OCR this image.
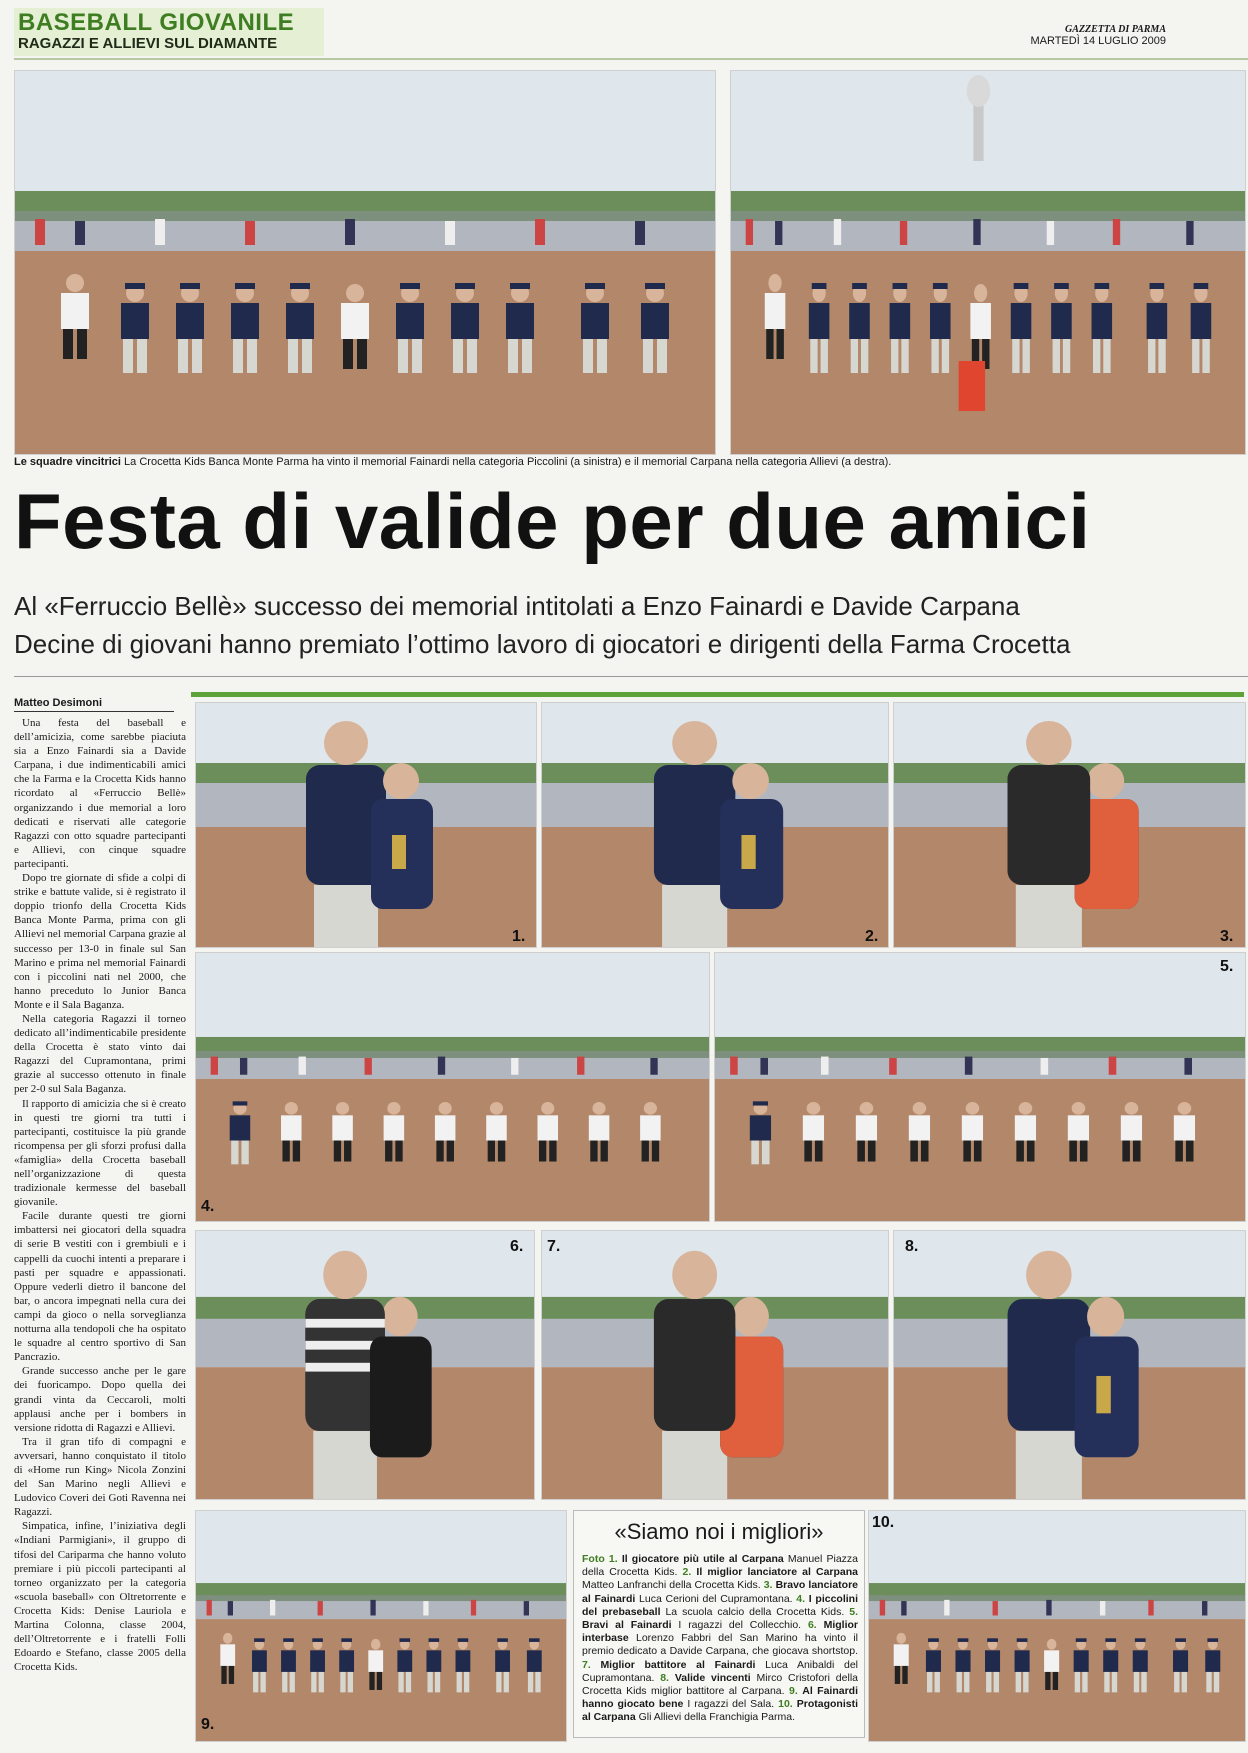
BASEBALL GIOVANILE
RAGAZZI E ALLIEVI SUL DIAMANTE
GAZZETTA DI PARMA
MARTEDÌ 14 LUGLIO 2009
Le squadre vincitrici La Crocetta Kids Banca Monte Parma ha vinto il memorial Fainardi nella categoria Piccolini (a sinistra) e il memorial Carpana nella categoria Allievi (a destra).
Festa di valide per due amici
Al «Ferruccio Bellè» successo dei memorial intitolati a Enzo Fainardi e Davide Carpana
Decine di giovani hanno premiato l’ottimo lavoro di giocatori e dirigenti della Farma Crocetta
Matteo Desimoni

Una festa del baseball e dell’amicizia, come sarebbe piaciuta sia a Enzo Fainardi sia a Davide Carpana, i due indimenticabili amici che la Farma e la Crocetta Kids hanno ricordato al «Ferruccio Bellè» organizzando i due memorial a loro dedicati e riservati alle categorie Ragazzi con otto squadre partecipanti e Allievi, con cinque squadre partecipanti.

Dopo tre giornate di sfide a colpi di strike e battute valide, si è registrato il doppio trionfo della Crocetta Kids Banca Monte Parma, prima con gli Allievi nel memorial Carpana grazie al successo per 13-0 in finale sul San Marino e prima nel memorial Fainardi con i piccolini nati nel 2000, che hanno preceduto lo Junior Banca Monte e il Sala Baganza.

Nella categoria Ragazzi il torneo dedicato all’indimenticabile presidente della Crocetta è stato vinto dai Ragazzi del Cupramontana, primi grazie al successo ottenuto in finale per 2-0 sul Sala Baganza.

Il rapporto di amicizia che si è creato in questi tre giorni tra tutti i partecipanti, costituisce la più grande ricompensa per gli sforzi profusi dalla «famiglia» della Crocetta baseball nell’organizzazione di questa tradizionale kermesse del baseball giovanile.

Facile durante questi tre giorni imbattersi nei giocatori della squadra di serie B vestiti con i grembiuli e i cappelli da cuochi intenti a preparare i pasti per squadre e appassionati. Oppure vederli dietro il bancone del bar, o ancora impegnati nella cura dei campi da gioco o nella sorveglianza notturna alla tendopoli che ha ospitato le squadre al centro sportivo di San Pancrazio.

Grande successo anche per le gare dei fuoricampo. Dopo quella dei grandi vinta da Ceccaroli, molti applausi anche per i bombers in versione ridotta di Ragazzi e Allievi.

Tra il gran tifo di compagni e avversari, hanno conquistato il titolo di «Home run King» Nicola Zonzini del San Marino negli Allievi e Ludovico Coveri dei Goti Ravenna nei Ragazzi.

Simpatica, infine, l’iniziativa degli «Indiani Parmigiani», il gruppo di tifosi del Cariparma che hanno voluto premiare i più piccoli partecipanti al torneo organizzato per la categoria «scuola baseball» con Oltretorrente e Crocetta Kids: Denise Lauriola e Martina Colonna, classe 2004, dell’Oltretorrente e i fratelli Folli Edoardo e Stefano, classe 2005 della Crocetta Kids.

1.	2.	3.
4.
5.
6. 7.	8.
9.
10.
«Siamo noi i migliori»
Foto 1. Il giocatore più utile al Carpana Manuel Piazza della Crocetta Kids. 2. Il miglior lanciatore al Carpana Matteo Lanfranchi della Crocetta Kids. 3. Bravo lanciatore al Fainardi Luca Cerioni del Cupramontana. 4. I piccolini del prebaseball La scuola calcio della Crocetta Kids. 5. Bravi al Fainardi I ragazzi del Collecchio. 6. Miglior interbase Lorenzo Fabbri del San Marino ha vinto il premio dedicato a Davide Carpana, che giocava shortstop. 7. Miglior battitore al Fainardi Luca Anibaldi del Cupramontana. 8. Valide vincenti Mirco Cristofori della Crocetta Kids miglior battitore al Carpana. 9. Al Fainardi hanno giocato bene I ragazzi del Sala. 10. Protagonisti al Carpana Gli Allievi della Franchigia Parma.
